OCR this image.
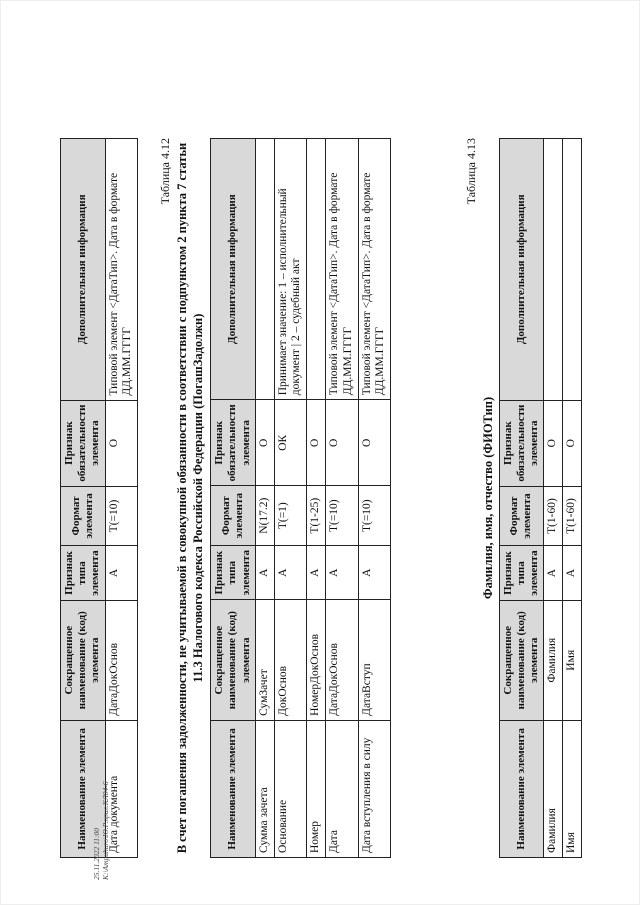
Наименование элемента	Сокращенное наименование (код) элемента	Признак типа элемента	Формат элемента	Признак обязательности элемента	Дополнительная информация
Дата документа	ДатаДокОснов	А	T(=10)	О	Типовой элемент <ДатаТип>. Дата в формате ДД.ММ.ГГГГ
Таблица 4.12 В счет погашения задолженности, не учитываемой в совокупной обязанности в соответствии с подпунктом 2 пункта 7 статьи 11.3 Налогового кодекса Российской Федерации (ПогашЗадолжн)
Наименование элемента	Сокращенное наименование (код) элемента	Признак типа элемента	Формат элемента	Признак обязательности элемента	Дополнительная информация
Сумма зачета	СумЗачет	А	N(17.2)	О	
Основание	ДокОснов	А	T(=1)	ОК	Принимает значение: 1 – исполнительный документ | 2 – судебный акт
Номер	НомерДокОснов	А	T(1-25)	О	
Дата	ДатаДокОснов	А	T(=10)	О	Типовой элемент <ДатаТип>. Дата в формате ДД.ММ.ГГГГ
Дата вступления в силу	ДатаВступ	А	T(=10)	О	Типовой элемент <ДатаТип>. Дата в формате ДД.ММ.ГГГГ
Таблица 4.13
Фамилия, имя, отчество (ФИОТип)
Наименование элемента	Сокращенное наименование (код) элемента	Признак типа элемента	Формат элемента	Признак обязательности элемента	Дополнительная информация
Фамилия	Фамилия	А	T(1-60)	О	
Имя	Имя	А	T(1-60)	О	
25.11.2022 11:00 К:\Ampuhuro\Ю.Р.прил.КЛ04-6
